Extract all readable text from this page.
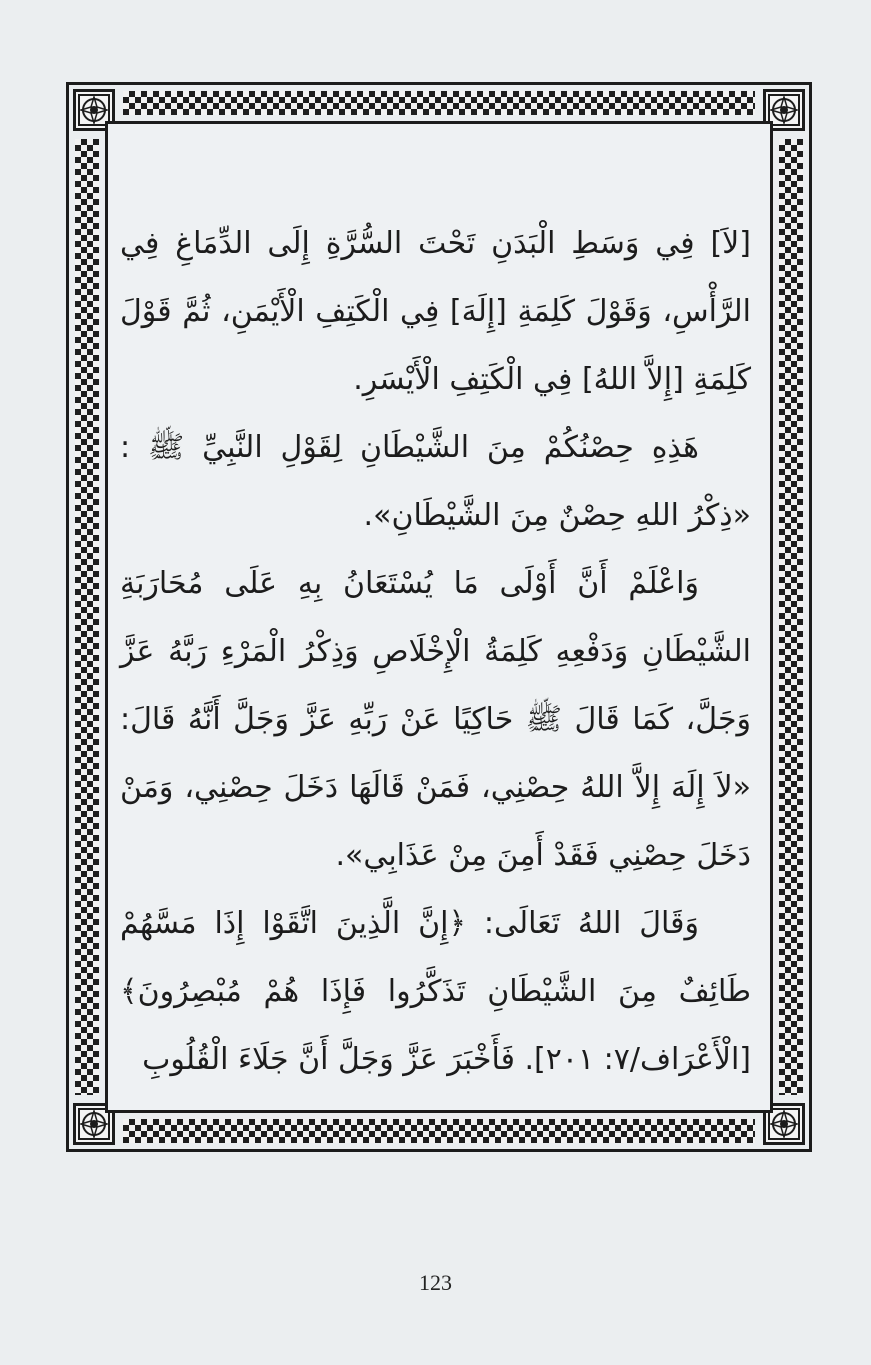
[لاَ] فِي وَسَطِ الْبَدَنِ تَحْتَ السُّرَّةِ إِلَى الدِّمَاغِ فِي الرَّأْسِ، وَقَوْلَ كَلِمَةِ [إِلَهَ] فِي الْكَتِفِ الْأَيْمَنِ، ثُمَّ قَوْلَ كَلِمَةِ [إِلاَّ اللهُ] فِي الْكَتِفِ الْأَيْسَرِ.

هَذِهِ حِصْنُكُمْ مِنَ الشَّيْطَانِ لِقَوْلِ النَّبِيِّ ﷺ : «ذِكْرُ اللهِ حِصْنٌ مِنَ الشَّيْطَانِ».

وَاعْلَمْ أَنَّ أَوْلَى مَا يُسْتَعَانُ بِهِ عَلَى مُحَارَبَةِ الشَّيْطَانِ وَدَفْعِهِ كَلِمَةُ الْإِخْلَاصِ وَذِكْرُ الْمَرْءِ رَبَّهُ عَزَّ وَجَلَّ، كَمَا قَالَ ﷺ حَاكِيًا عَنْ رَبِّهِ عَزَّ وَجَلَّ أَنَّهُ قَالَ: «لاَ إِلَهَ إِلاَّ اللهُ حِصْنِي، فَمَنْ قَالَهَا دَخَلَ حِصْنِي، وَمَنْ دَخَلَ حِصْنِي فَقَدْ أَمِنَ مِنْ عَذَابِي».

وَقَالَ اللهُ تَعَالَى: ﴿إِنَّ الَّذِينَ اتَّقَوْا إِذَا مَسَّهُمْ طَائِفٌ مِنَ الشَّيْطَانِ تَذَكَّرُوا فَإِذَا هُمْ مُبْصِرُونَ﴾ [الْأَعْرَاف/٧: ٢٠١]. فَأَخْبَرَ عَزَّ وَجَلَّ أَنَّ جَلَاءَ الْقُلُوبِ

123
